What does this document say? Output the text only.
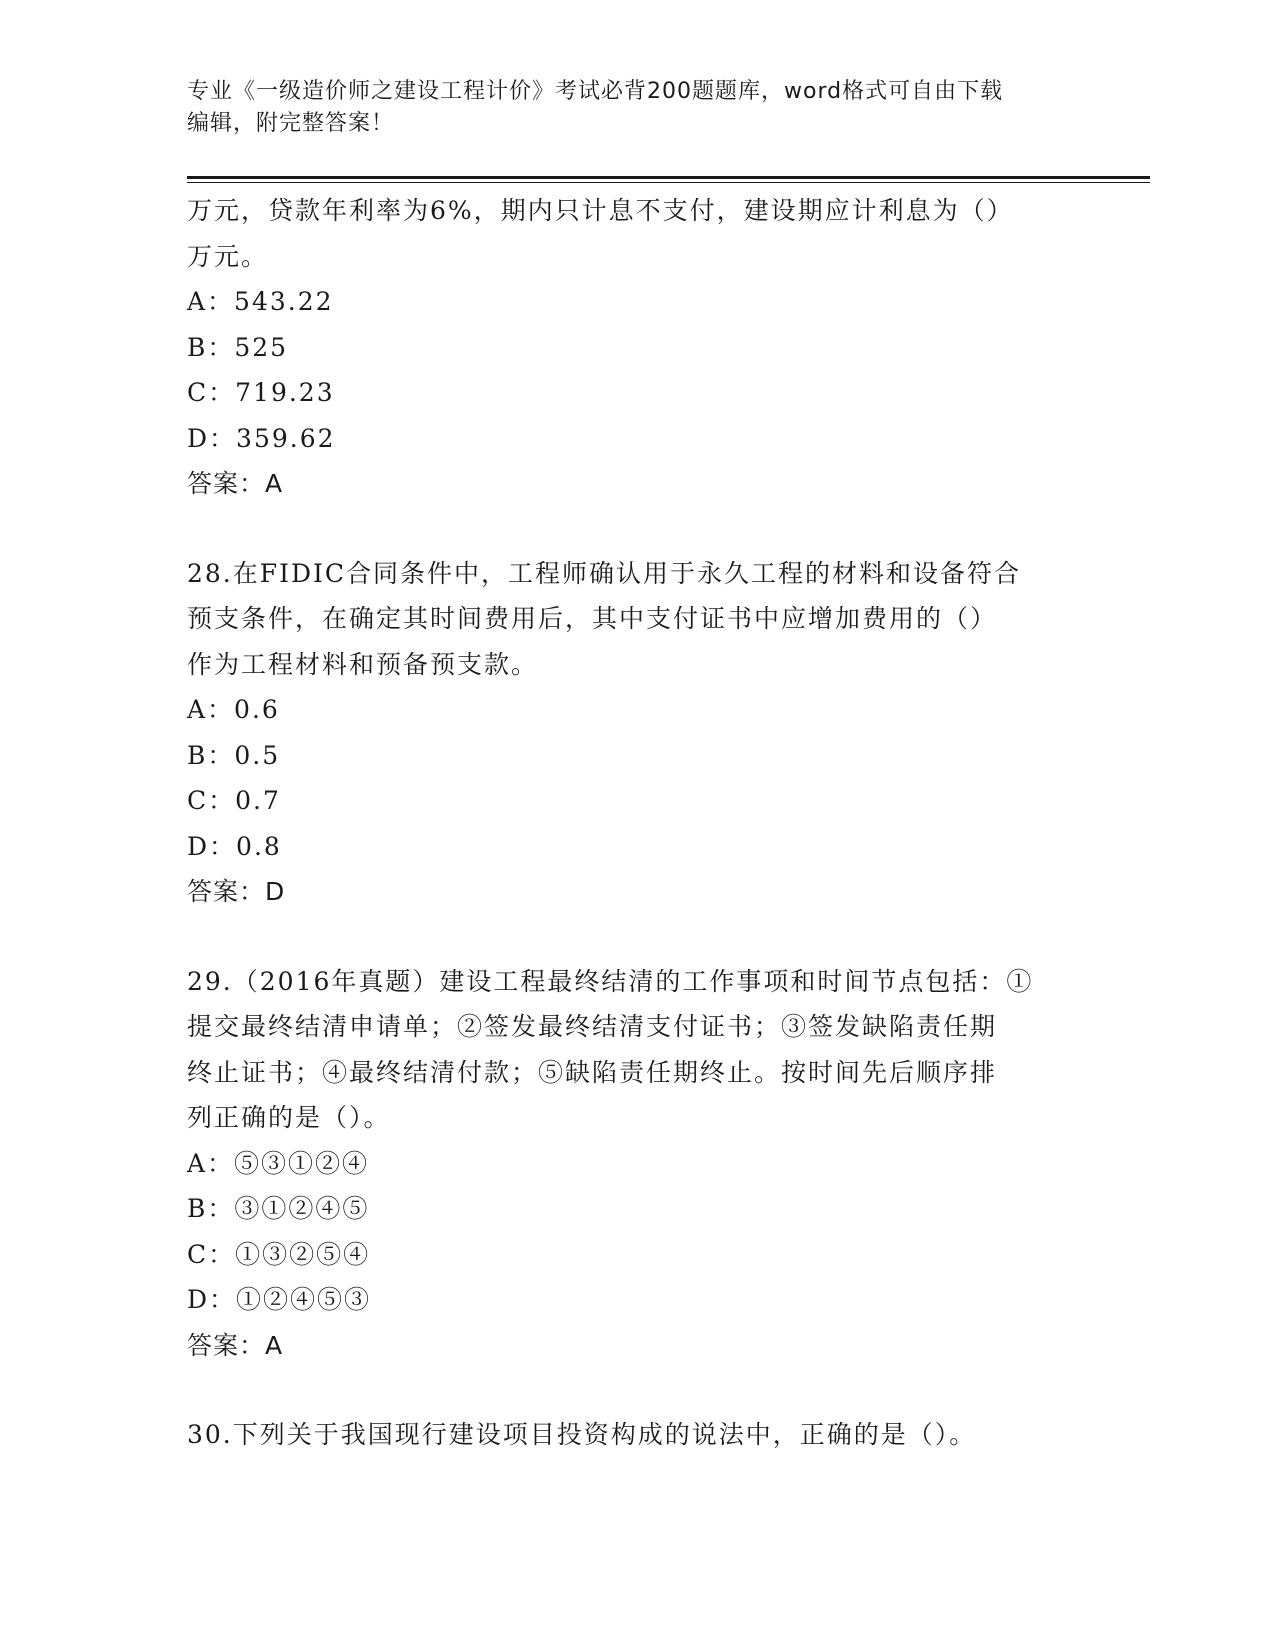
专业《一级造价师之建设工程计价》考试必背200题题库，word格式可自由下载
编辑，附完整答案！

万元，贷款年利率为6%，期内只计息不支付，建设期应计利息为（）

万元。

A：543.22

B：525

C：719.23

D：359.62

答案：A

28.在FIDIC合同条件中，工程师确认用于永久工程的材料和设备符合

预支条件，在确定其时间费用后，其中支付证书中应增加费用的（）

作为工程材料和预备预支款。

A：0.6

B：0.5

C：0.7

D：0.8

答案：D

29.（2016年真题）建设工程最终结清的工作事项和时间节点包括：①

提交最终结清申请单；②签发最终结清支付证书；③签发缺陷责任期

终止证书；④最终结清付款；⑤缺陷责任期终止。按时间先后顺序排

列正确的是（）。

A：⑤③①②④

B：③①②④⑤

C：①③②⑤④

D：①②④⑤③

答案：A

30.下列关于我国现行建设项目投资构成的说法中，正确的是（）。
